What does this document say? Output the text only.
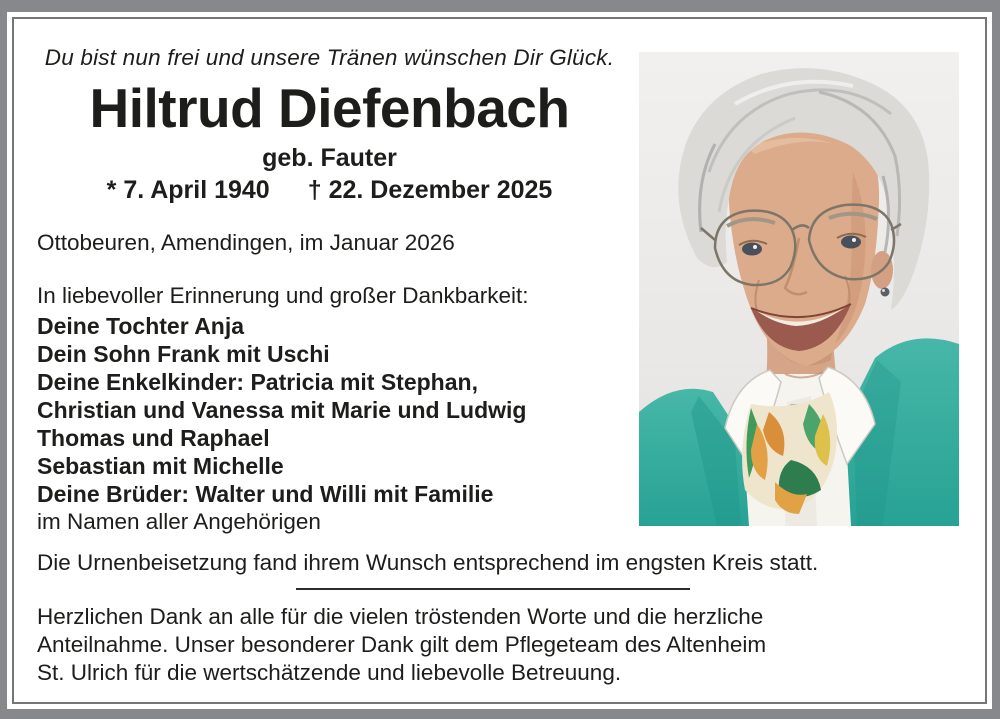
Du bist nun frei und unsere Tränen wünschen Dir Glück.
Hiltrud Diefenbach
geb. Fauter
* 7. April 1940 † 22. Dezember 2025
Ottobeuren, Amendingen, im Januar 2026
In liebevoller Erinnerung und großer Dankbarkeit:
Deine Tochter Anja
Dein Sohn Frank mit Uschi
Deine Enkelkinder: Patricia mit Stephan,
Christian und Vanessa mit Marie und Ludwig
Thomas und Raphael
Sebastian mit Michelle
Deine Brüder: Walter und Willi mit Familie
im Namen aller Angehörigen
Die Urnenbeisetzung fand ihrem Wunsch entsprechend im engsten Kreis statt.
Herzlichen Dank an alle für die vielen tröstenden Worte und die herzliche
Anteilnahme. Unser besonderer Dank gilt dem Pflegeteam des Altenheim
St. Ulrich für die wertschätzende und liebevolle Betreuung.
